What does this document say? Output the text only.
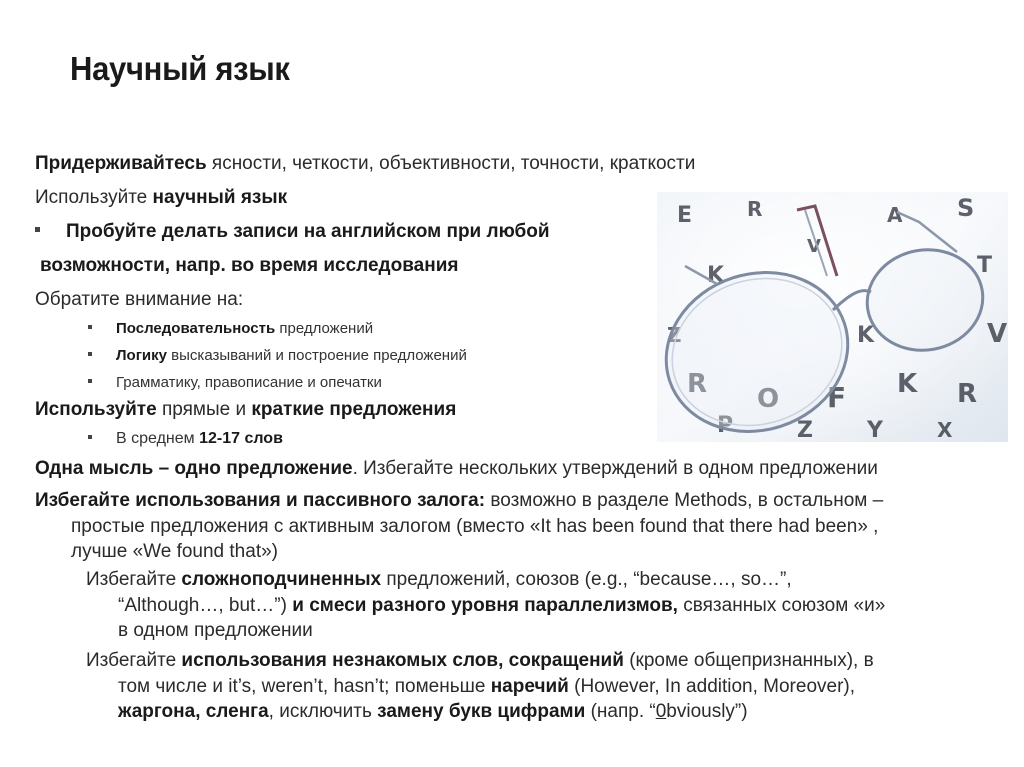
Научный язык
Придерживайтесь ясности, четкости, объективности, точности, краткости
Используйте научный язык
Пробуйте делать записи на английском при любой
возможности, напр. во время исследования
Обратите внимание на:
Последовательность предложений
Логику высказываний и построение предложений
Грамматику, правописание и опечатки
Используйте прямые и краткие предложения
В среднем 12-17 слов
Одна мысль – одно предложение. Избегайте нескольких утверждений в одном предложении
Избегайте использования и пассивного залога: возможно в разделе Methods, в остальном –
простые предложения с активным залогом (вместо «It has been found that there had been» ,
лучше «We found that»)
Избегайте сложноподчиненных предложений, союзов (e.g., “because…, so…”,
“Although…, but…”) и смеси разного уровня параллелизмов, связанных союзом «и»
в одном предложении
Избегайте использования незнакомых слов, сокращений (кроме общепризнанных), в
том числе и it’s, weren’t, hasn’t; поменьше наречий (However, In addition, Moreover),
жаргона, сленга, исключить замену букв цифрами (напр. “0bviously”)
E	R	A S
K	T
Z	V
R O F K R
P	Z Y	X
K
V
